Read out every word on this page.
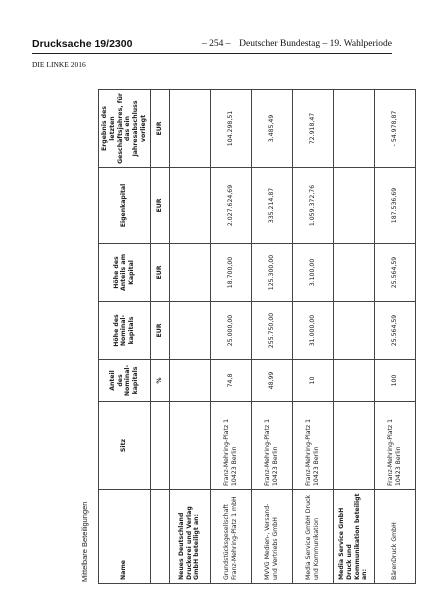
Drucksache 19/2300	– 254 – Deutscher Bundestag – 19. Wahlperiode
DIE LINKE 2016
Mittelbare Beteiligungen	Name	Sitz	Anteil des Nominal-kapitals	Höhe des Nominal-kapitals	Höhe des Anteils am Kapital	Eigenkapital	Ergebnis des letzten Geschäftsjahres, für das ein Jahresabschluss vorliegt
		%	EUR	EUR	EUR	EUR
Neues Deutschland Druckerei und Verlag GmbH beteiligt an:						
Grundstücksgesellschaft Franz-Mehring-Platz 1 mbH	Franz-Mehring-Platz 1 10423 Berlin	74,8	25.000,00	18.700,00	2.027.624,69	104.298,51
MVVG Medien-, Versand- und Vertriebs GmbH	Franz-Mehring-Platz 1 10423 Berlin	48,99	255.750,00	125.300,00	335.214,87	3.485,49
Media Service GmbH Druck und Kommunikation	Franz-Mehring-Platz 1 10423 Berlin	10	31.000,00	3.100,00	1.059.372,76	72.918,47
Media Service GmbH Druck und Kommunikation beteiligt an:						
BärenDruck GmbH	Franz-Mehring-Platz 1 10423 Berlin	100	25.564,59	25.564,59	187.536,69	- 54.978,87
